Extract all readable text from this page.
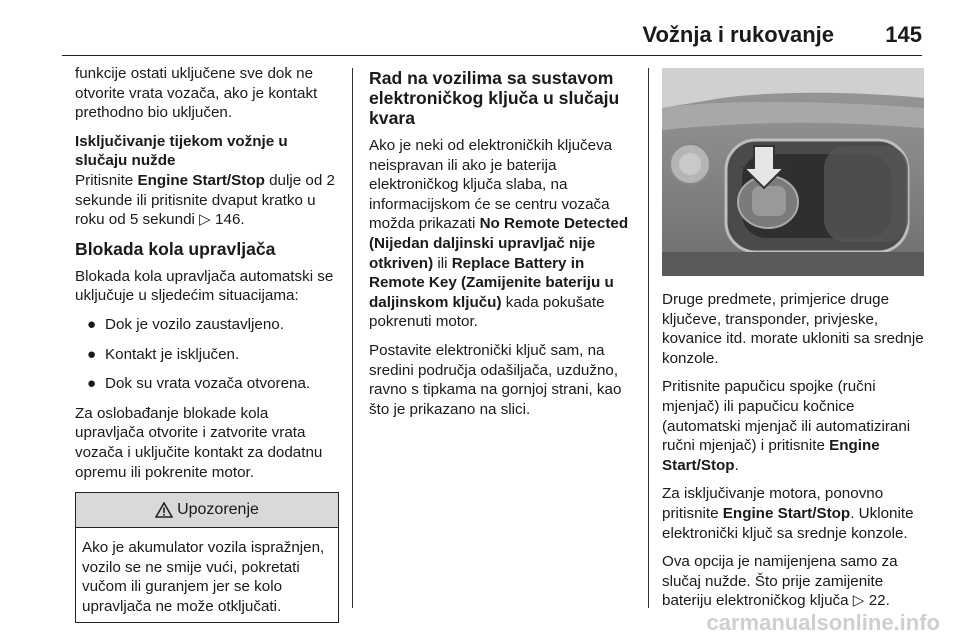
Vožnja i rukovanje 145

funkcije ostati uključene sve dok ne otvorite vrata vozača, ako je kontakt prethodno bio uključen.

Isključivanje tijekom vožnje u slučaju nužde

Pritisnite Engine Start/Stop dulje od 2 sekunde ili pritisnite dvaput kratko u roku od 5 sekundi ▷ 146.

Blokada kola upravljača

Blokada kola upravljača automatski se uključuje u sljedećim situacijama:

● Dok je vozilo zaustavljeno.
● Kontakt je isključen.
● Dok su vrata vozača otvorena.

Za oslobađanje blokade kola upravljača otvorite i zatvorite vrata vozača i uključite kontakt za dodatnu opremu ili pokrenite motor.

Upozorenje
Ako je akumulator vozila ispražnjen, vozilo se ne smije vući, pokretati vučom ili guranjem jer se kolo upravljača ne može otključati.
Rad na vozilima sa sustavom elektroničkog ključa u slučaju kvara

Ako je neki od elektroničkih ključeva neispravan ili ako je baterija elektroničkog ključa slaba, na informacijskom će se centru vozača možda prikazati No Remote Detected (Nijedan daljinski upravljač nije otkriven) ili Replace Battery in Remote Key (Zamijenite bateriju u daljinskom ključu) kada pokušate pokrenuti motor.

Postavite elektronički ključ sam, na sredini područja odašiljača, uzdužno, ravno s tipkama na gornjoj strani, kao što je prikazano na slici.

Druge predmete, primjerice druge ključeve, transponder, privjeske, kovanice itd. morate ukloniti sa srednje konzole.

Pritisnite papučicu spojke (ručni mjenjač) ili papučicu kočnice (automatski mjenjač ili automatizirani ručni mjenjač) i pritisnite Engine Start/Stop.

Za isključivanje motora, ponovno pritisnite Engine Start/Stop. Uklonite elektronički ključ sa srednje konzole.

Ova opcija je namijenjena samo za slučaj nužde. Što prije zamijenite bateriju elektroničkog ključa ▷ 22.

carmanualsonline.info
